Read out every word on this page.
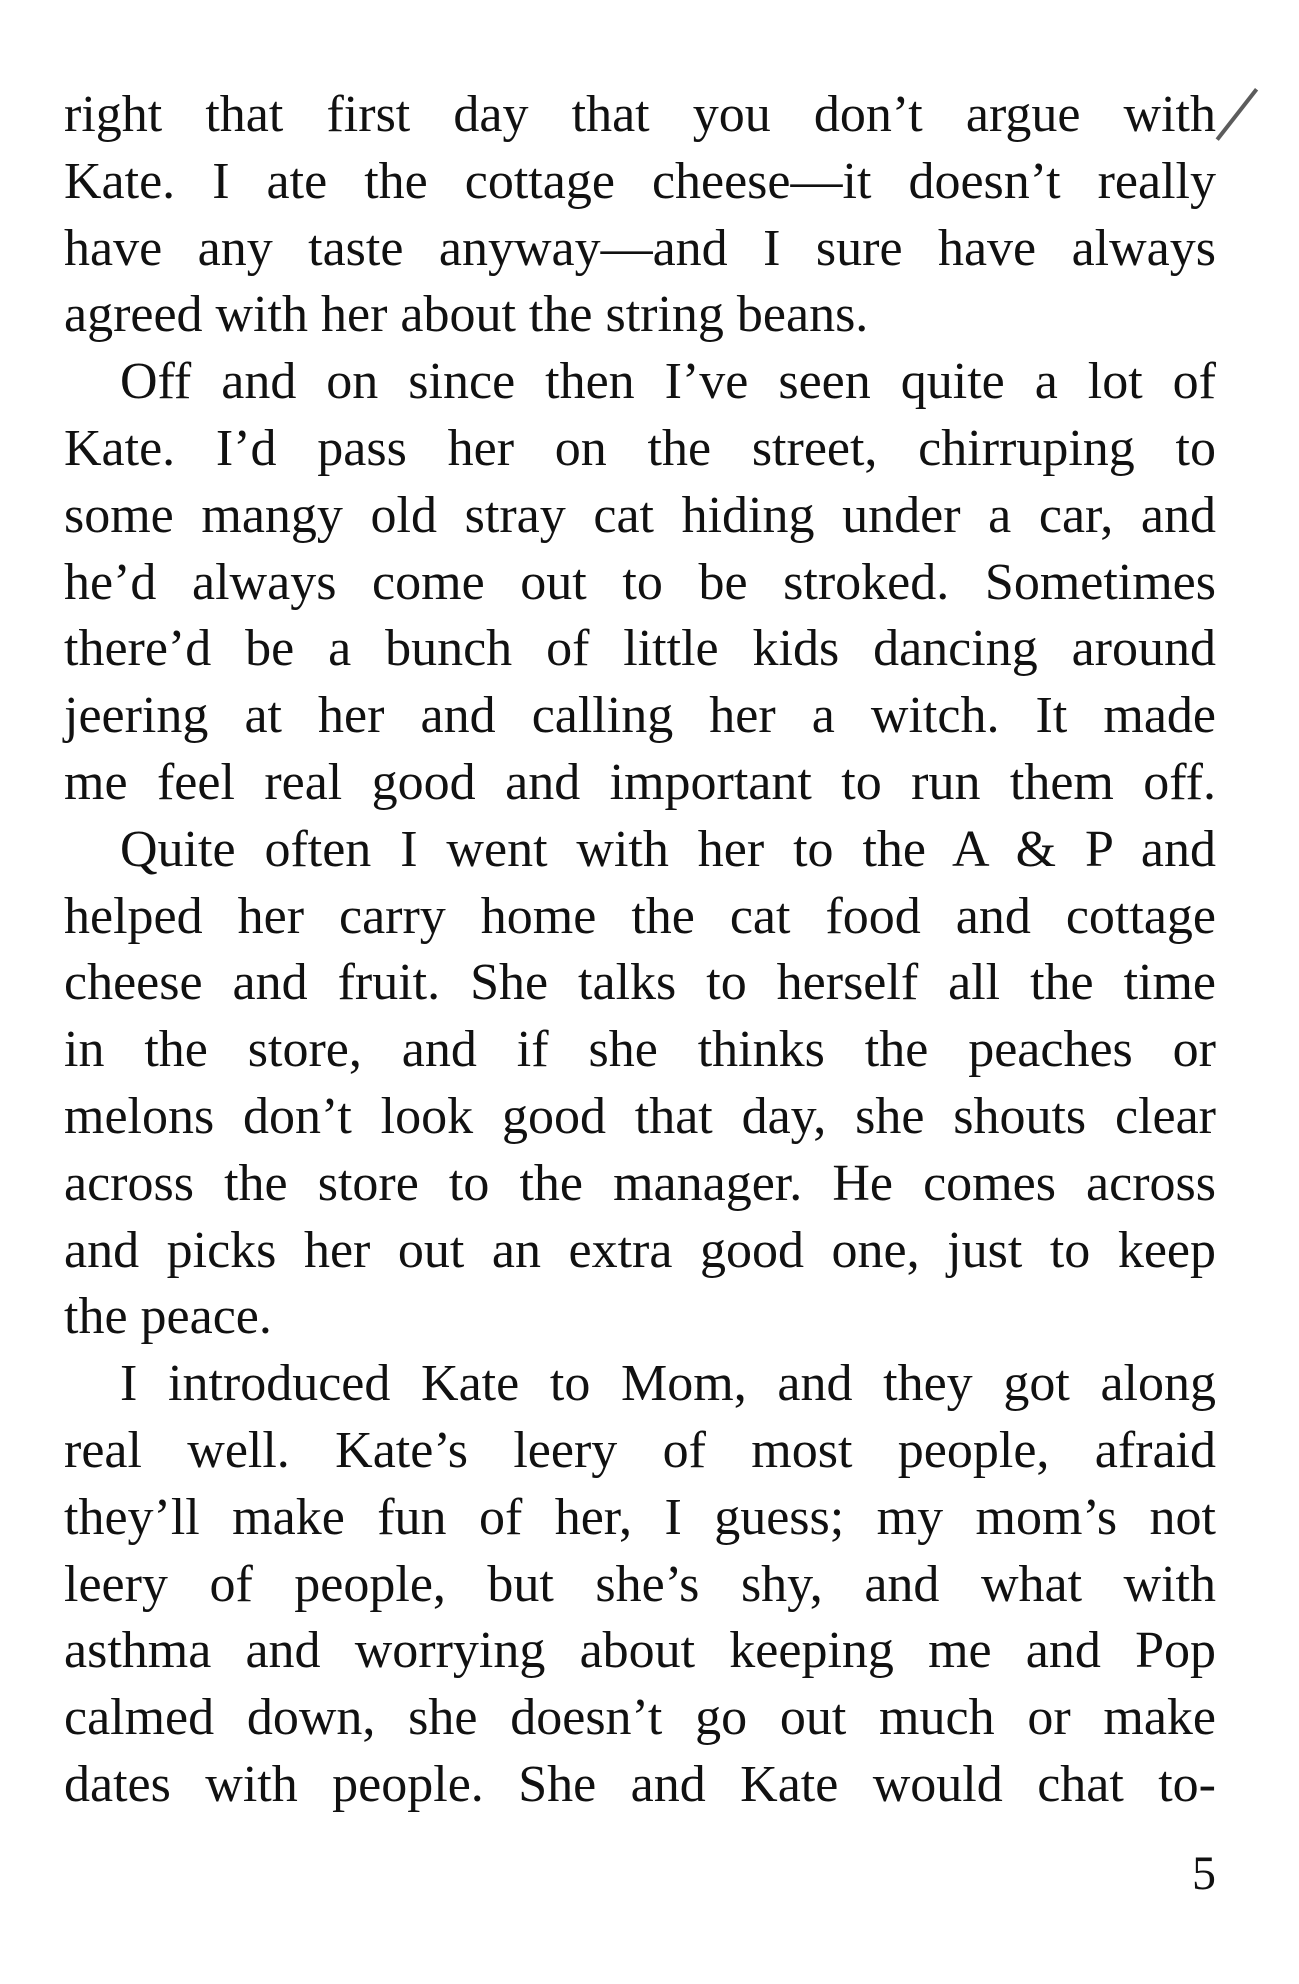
right that first day that you don’t argue with
Kate. I ate the cottage cheese—it doesn’t really
have any taste anyway—and I sure have always
agreed with her about the string beans.
Off and on since then I’ve seen quite a lot of
Kate. I’d pass her on the street, chirruping to
some mangy old stray cat hiding under a car, and
he’d always come out to be stroked. Sometimes
there’d be a bunch of little kids dancing around
jeering at her and calling her a witch. It made
me feel real good and important to run them off.
Quite often I went with her to the A & P and
helped her carry home the cat food and cottage
cheese and fruit. She talks to herself all the time
in the store, and if she thinks the peaches or
melons don’t look good that day, she shouts clear
across the store to the manager. He comes across
and picks her out an extra good one, just to keep
the peace.
I introduced Kate to Mom, and they got along
real well. Kate’s leery of most people, afraid
they’ll make fun of her, I guess; my mom’s not
leery of people, but she’s shy, and what with
asthma and worrying about keeping me and Pop
calmed down, she doesn’t go out much or make
dates with people. She and Kate would chat to-
5
